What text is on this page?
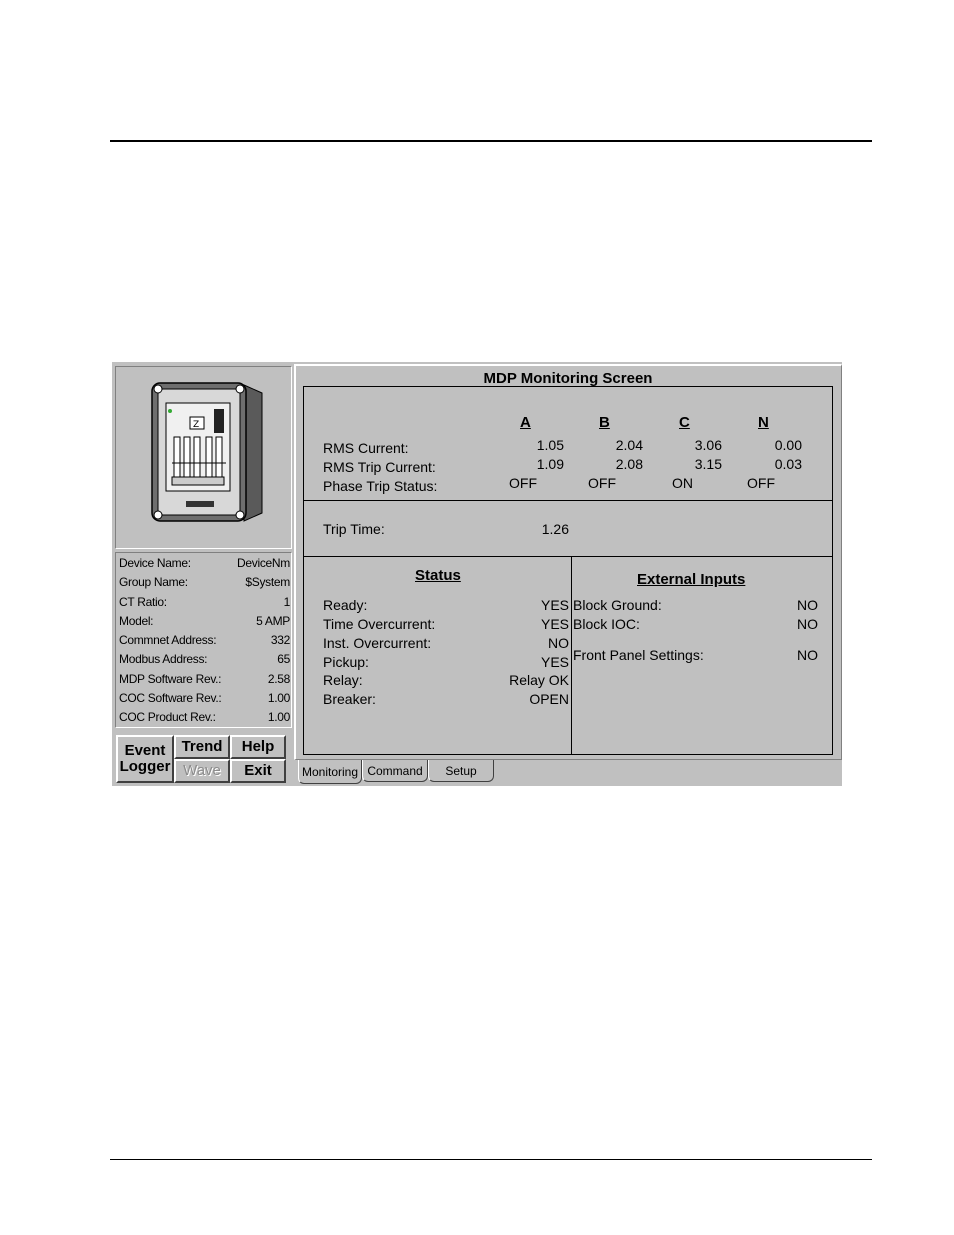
Z
Device Name:	DeviceNm
Group Name:	$System
CT Ratio:	1
Model:	5 AMP
Commnet Address:	332
Modbus Address:	65
MDP Software Rev.:	2.58
COC Software Rev.:	1.00
COC Product Rev.:	1.00
Event
Logger
Trend	Help
Wave	Exit
MDP Monitoring Screen
A	B	C	N
RMS Current:	1.05	2.04	3.06	0.00
RMS Trip Current:	1.09	2.08	3.15	0.03
Phase Trip Status:	OFF	OFF	ON	OFF
Trip Time:	1.26
Status
Ready:	YES
Time Overcurrent:	YES
Inst. Overcurrent:	NO
Pickup:	YES
Relay:	Relay OK
Breaker:	OPEN
External Inputs
Block Ground:	NO
Block IOC:	NO
Front Panel Settings:	NO
Monitoring Command	Setup
